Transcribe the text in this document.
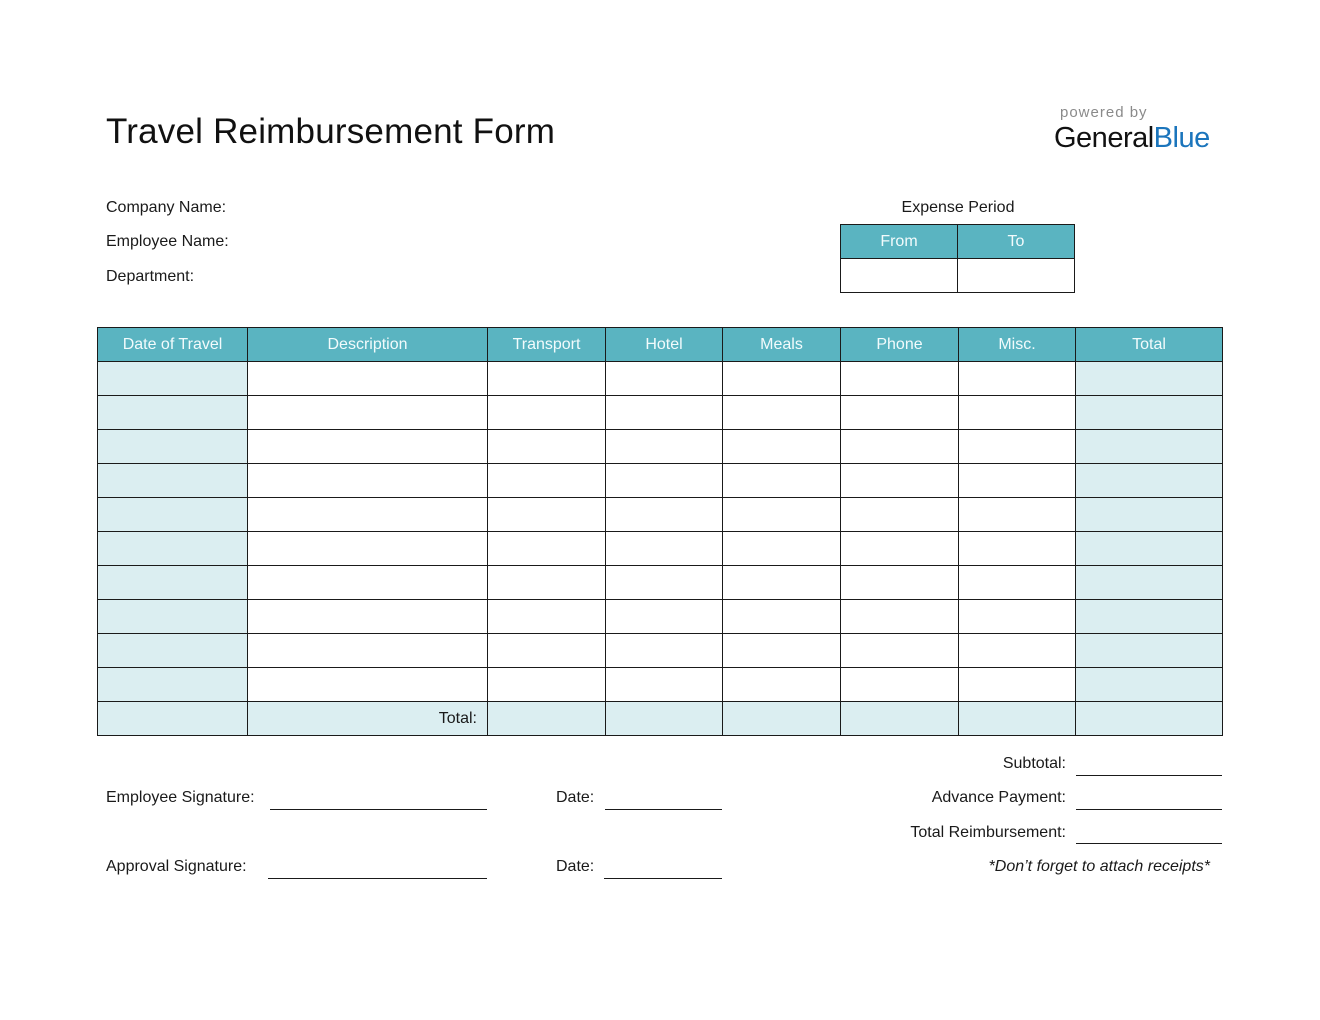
Travel Reimbursement Form	powered by
GeneralBlue
Company Name:
Employee Name:
Department:
Expense Period
From	To

Date of Travel	Description	Transport	Hotel	Meals	Phone	Misc.	Total

	Total:						
Employee Signature:	Date:
Approval Signature:	Date:
Subtotal:
Advance Payment:
Total Reimbursement:
*Don’t forget to attach receipts*
